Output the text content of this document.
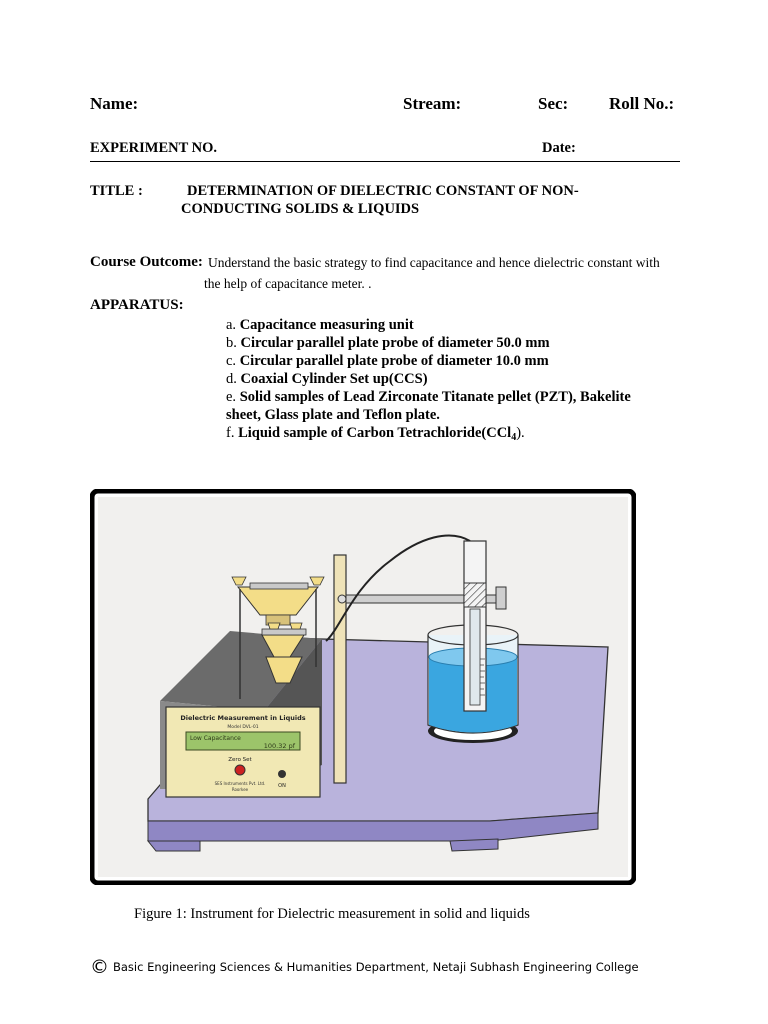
Name:	Stream:	Sec: Roll No.:
EXPERIMENT NO.	Date:
TITLE :	DETERMINATION OF DIELECTRIC CONSTANT OF NON-
CONDUCTING SOLIDS & LIQUIDS
Course Outcome: Understand the basic strategy to find capacitance and hence dielectric constant with
the help of capacitance meter. .
APPARATUS:
a. Capacitance measuring unit
b. Circular parallel plate probe of diameter 50.0 mm
c. Circular parallel plate probe of diameter 10.0 mm
d. Coaxial Cylinder Set up(CCS)
e. Solid samples of Lead Zirconate Titanate pellet (PZT), Bakelite
sheet, Glass plate and Teflon plate.
f. Liquid sample of Carbon Tetrachloride(CCl$_4$).
Dielectric Measurement in Liquids
Model DVL-01
Low Capacitance
100.32 pf
Zero Set
SES Instruments Pvt. Ltd.
Roorkee
ON
Figure 1: Instrument for Dielectric measurement in solid and liquids
© Basic Engineering Sciences & Humanities Department, Netaji Subhash Engineering College
